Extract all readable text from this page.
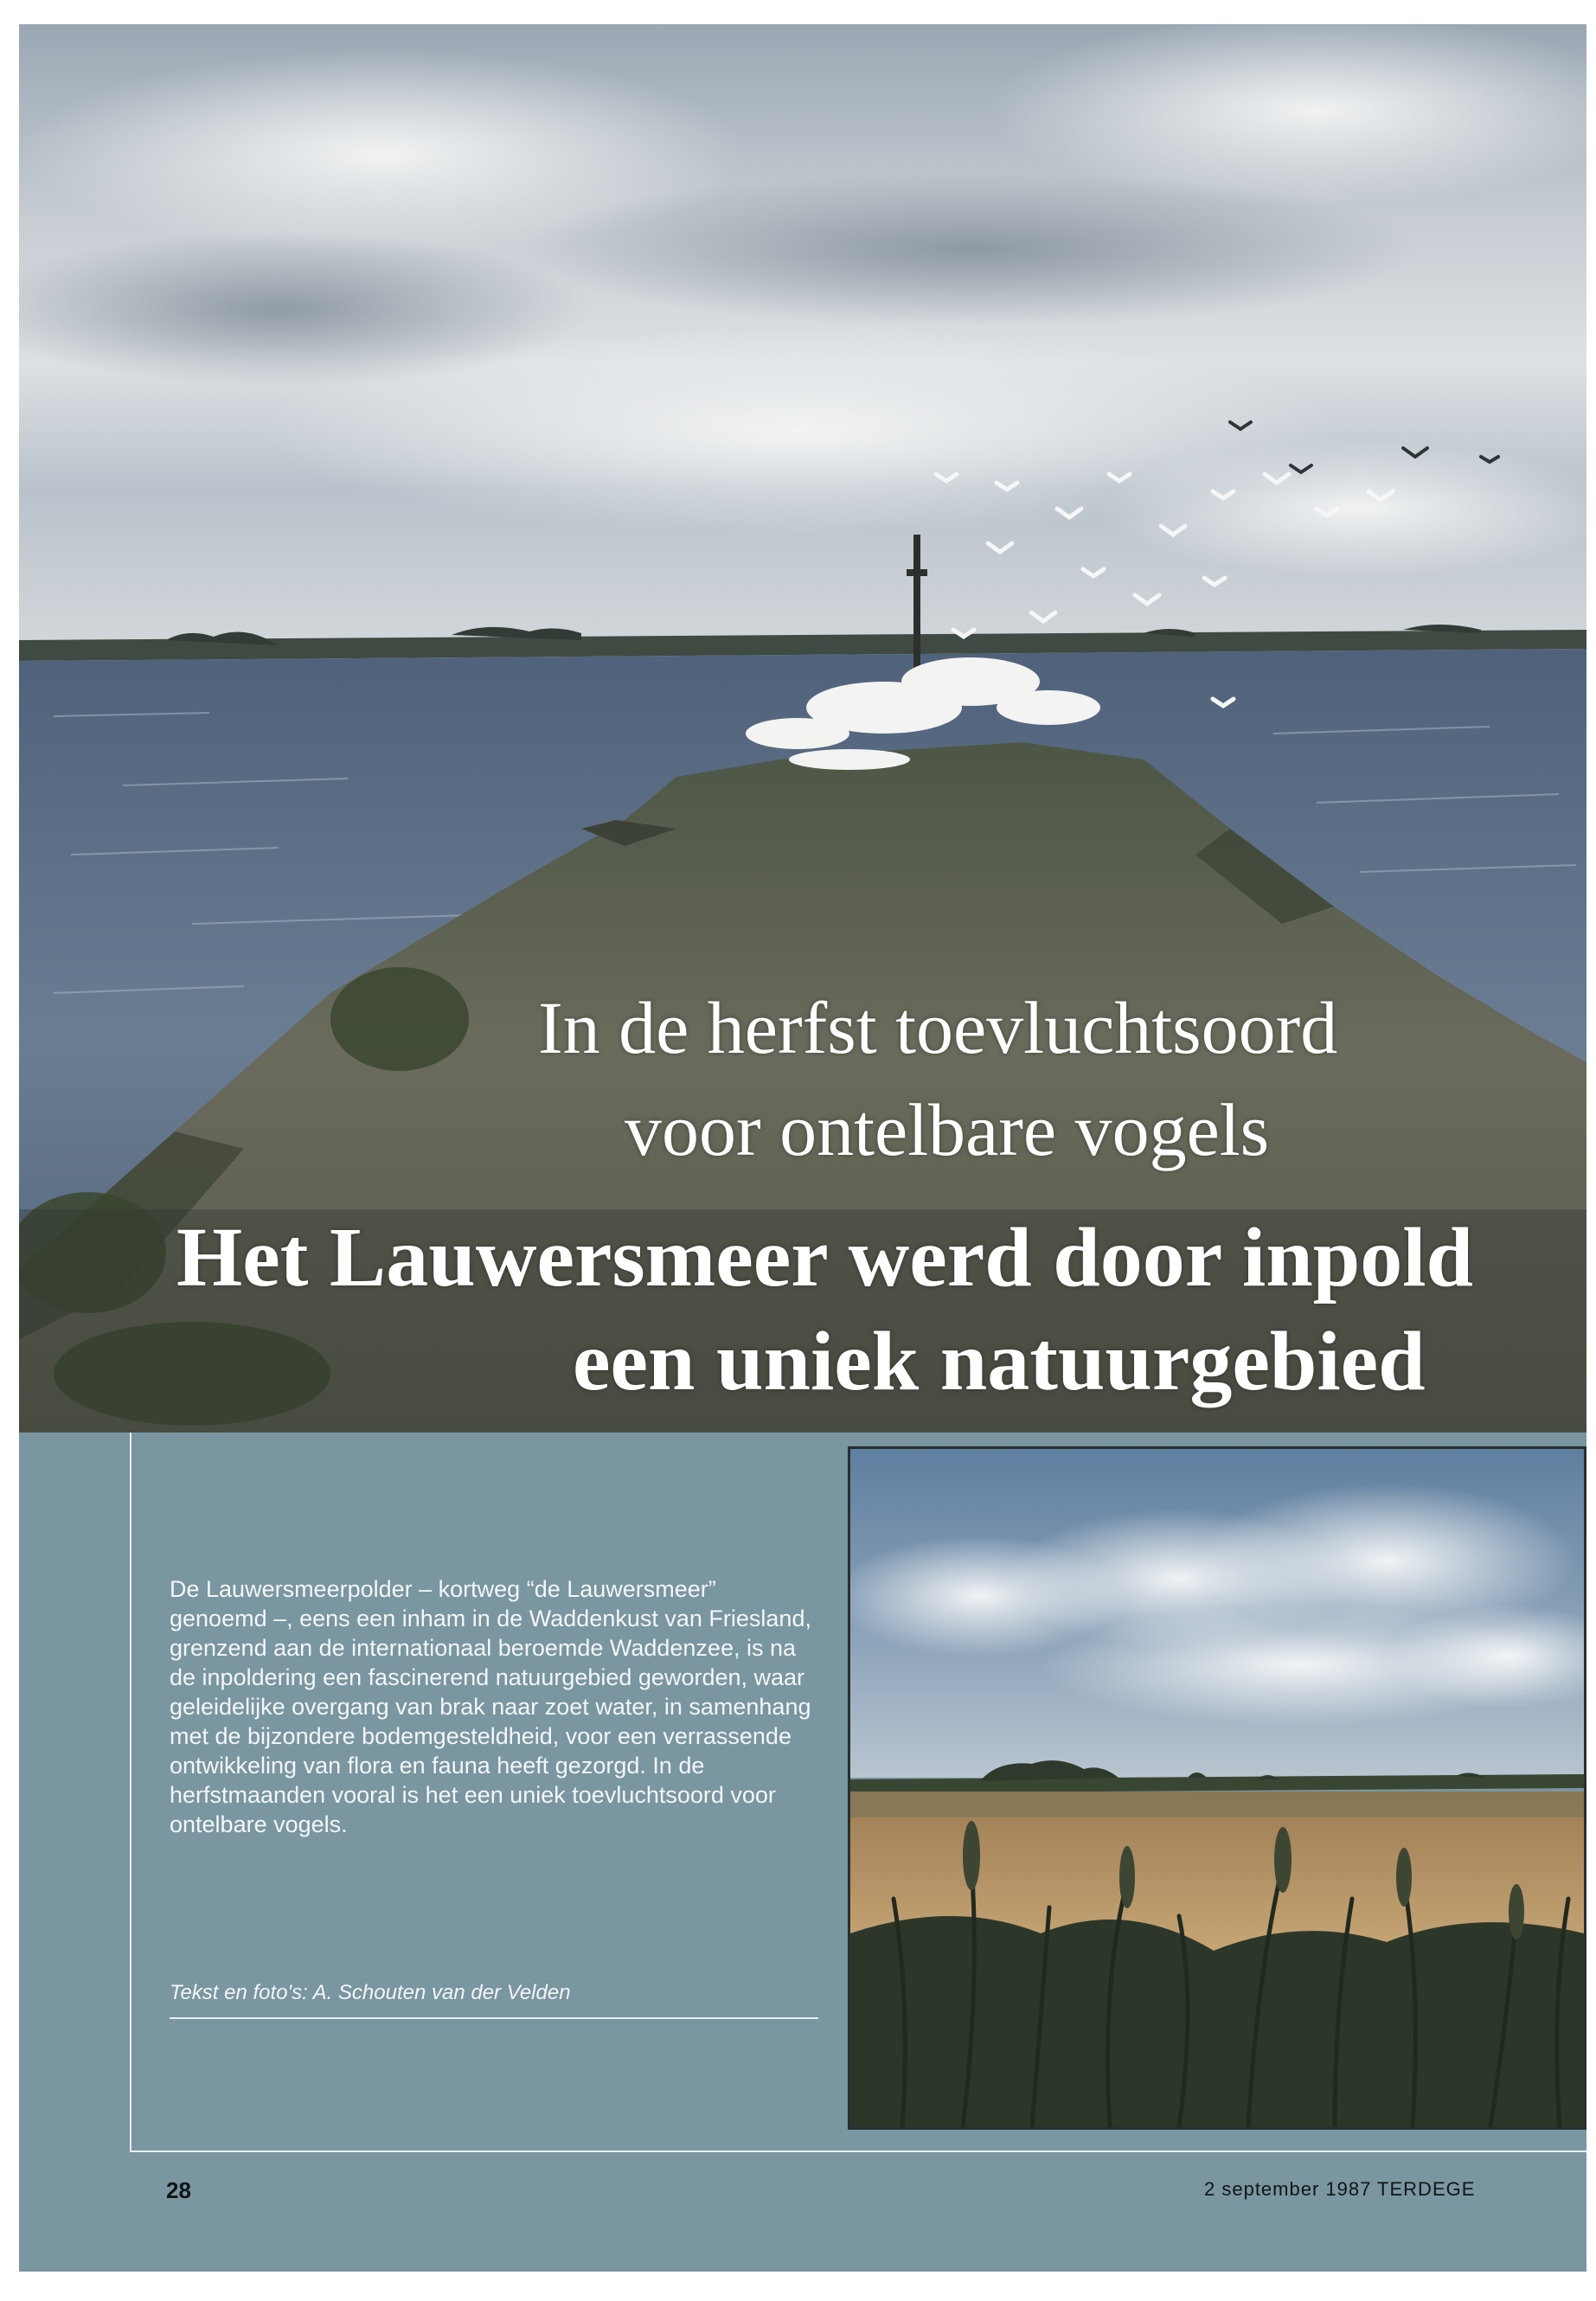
In de herfst toevluchtsoord
voor ontelbare vogels
Het Lauwersmeer werd door inpold
een uniek natuurgebied

De Lauwersmeerpolder – kortweg “de Lauwersmeer” genoemd –, eens een inham in de Waddenkust van Friesland, grenzend aan de internationaal beroemde Waddenzee, is na de inpoldering een fascinerend natuurgebied geworden, waar geleidelijke overgang van brak naar zoet water, in samenhang met de bijzondere bodemgesteldheid, voor een verrassende ontwikkeling van flora en fauna heeft gezorgd. In de herfstmaanden vooral is het een uniek toevluchtsoord voor ontelbare vogels.

Tekst en foto's: A. Schouten van der Velden
28	2 september 1987 TERDEGE
